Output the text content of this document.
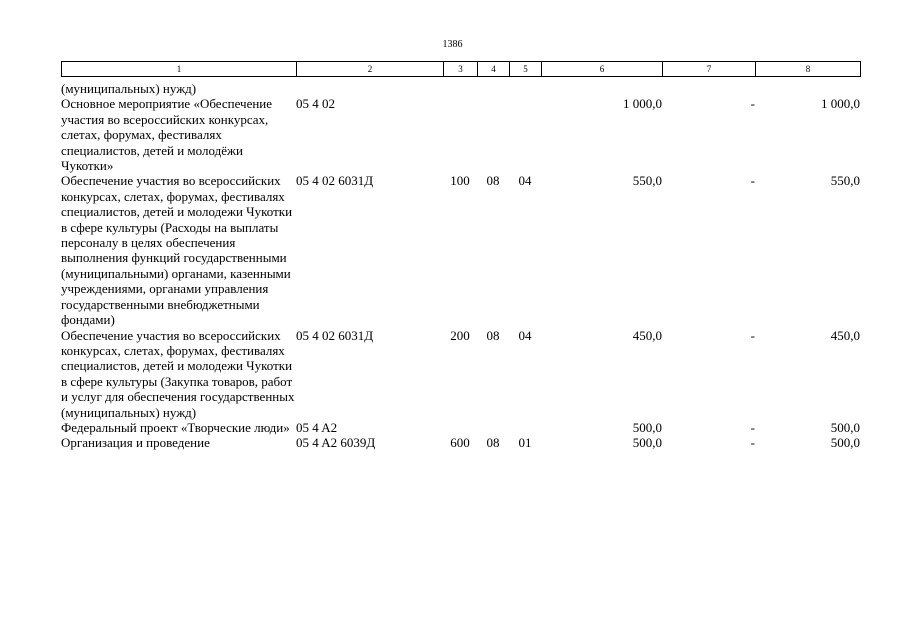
1386
1	2	3	4	5	6	7	8
(муниципальных) нужд)							
Основное мероприятие «Обеспечение участия во всероссийских конкурсах, слетах, форумах, фестивалях специалистов, детей и молодёжи Чукотки»	05 4 02				1 000,0	-	1 000,0
Обеспечение участия во всероссийских конкурсах, слетах, форумах, фестивалях специалистов, детей и молодежи Чукотки в сфере культуры (Расходы на выплаты персоналу в целях обеспечения выполнения функций государственными (муниципальными) органами, казенными учреждениями, органами управления государственными внебюджетными фондами)	05 4 02 6031Д	100	08	04	550,0	-	550,0
Обеспечение участия во всероссийских конкурсах, слетах, форумах, фестивалях специалистов, детей и молодежи Чукотки в сфере культуры (Закупка товаров, работ и услуг для обеспечения государственных (муниципальных) нужд)	05 4 02 6031Д	200	08	04	450,0	-	450,0
Федеральный проект «Творческие люди»	05 4 A2				500,0	-	500,0
Организация и проведение	05 4 A2 6039Д	600	08	01	500,0	-	500,0
